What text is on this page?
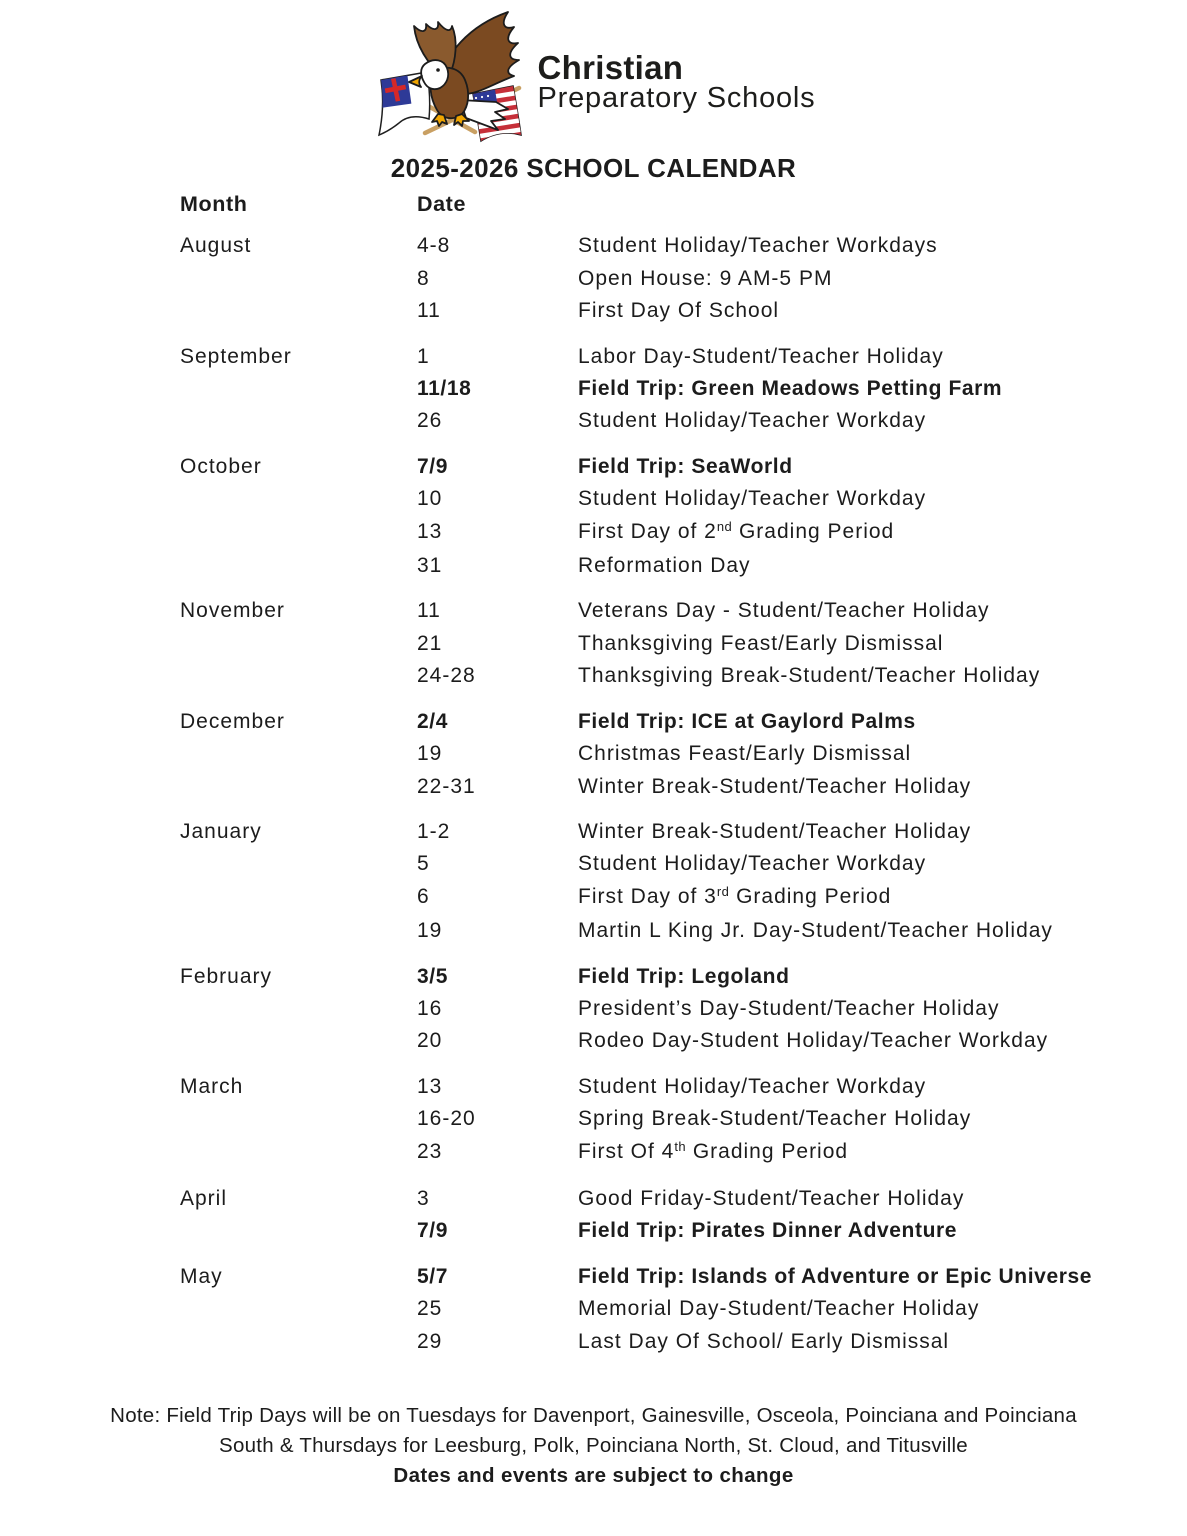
Christian
Preparatory Schools
2025-2026 SCHOOL CALENDAR
Month	Date
August	4-8	Student Holiday/Teacher Workdays
8	Open House: 9 AM-5 PM
11	First Day Of School
September	1	Labor Day-Student/Teacher Holiday
11/18	Field Trip: Green Meadows Petting Farm
26	Student Holiday/Teacher Workday
October	7/9	Field Trip: SeaWorld
10	Student Holiday/Teacher Workday
13	First Day of 2nd Grading Period
31	Reformation Day
November	11	Veterans Day - Student/Teacher Holiday
21	Thanksgiving Feast/Early Dismissal
24-28	Thanksgiving Break-Student/Teacher Holiday
December	2/4	Field Trip: ICE at Gaylord Palms
19	Christmas Feast/Early Dismissal
22-31	Winter Break-Student/Teacher Holiday
January	1-2	Winter Break-Student/Teacher Holiday
5	Student Holiday/Teacher Workday
6	First Day of 3rd Grading Period
19	Martin L King Jr. Day-Student/Teacher Holiday
February	3/5	Field Trip: Legoland
16	President’s Day-Student/Teacher Holiday
20	Rodeo Day-Student Holiday/Teacher Workday
March	13	Student Holiday/Teacher Workday
16-20	Spring Break-Student/Teacher Holiday
23	First Of 4th Grading Period
April	3	Good Friday-Student/Teacher Holiday
7/9	Field Trip: Pirates Dinner Adventure
May	5/7	Field Trip: Islands of Adventure or Epic Universe
25	Memorial Day-Student/Teacher Holiday
29	Last Day Of School/ Early Dismissal

Note: Field Trip Days will be on Tuesdays for Davenport, Gainesville, Osceola, Poinciana and Poinciana

South & Thursdays for Leesburg, Polk, Poinciana North, St. Cloud, and Titusville

Dates and events are subject to change
